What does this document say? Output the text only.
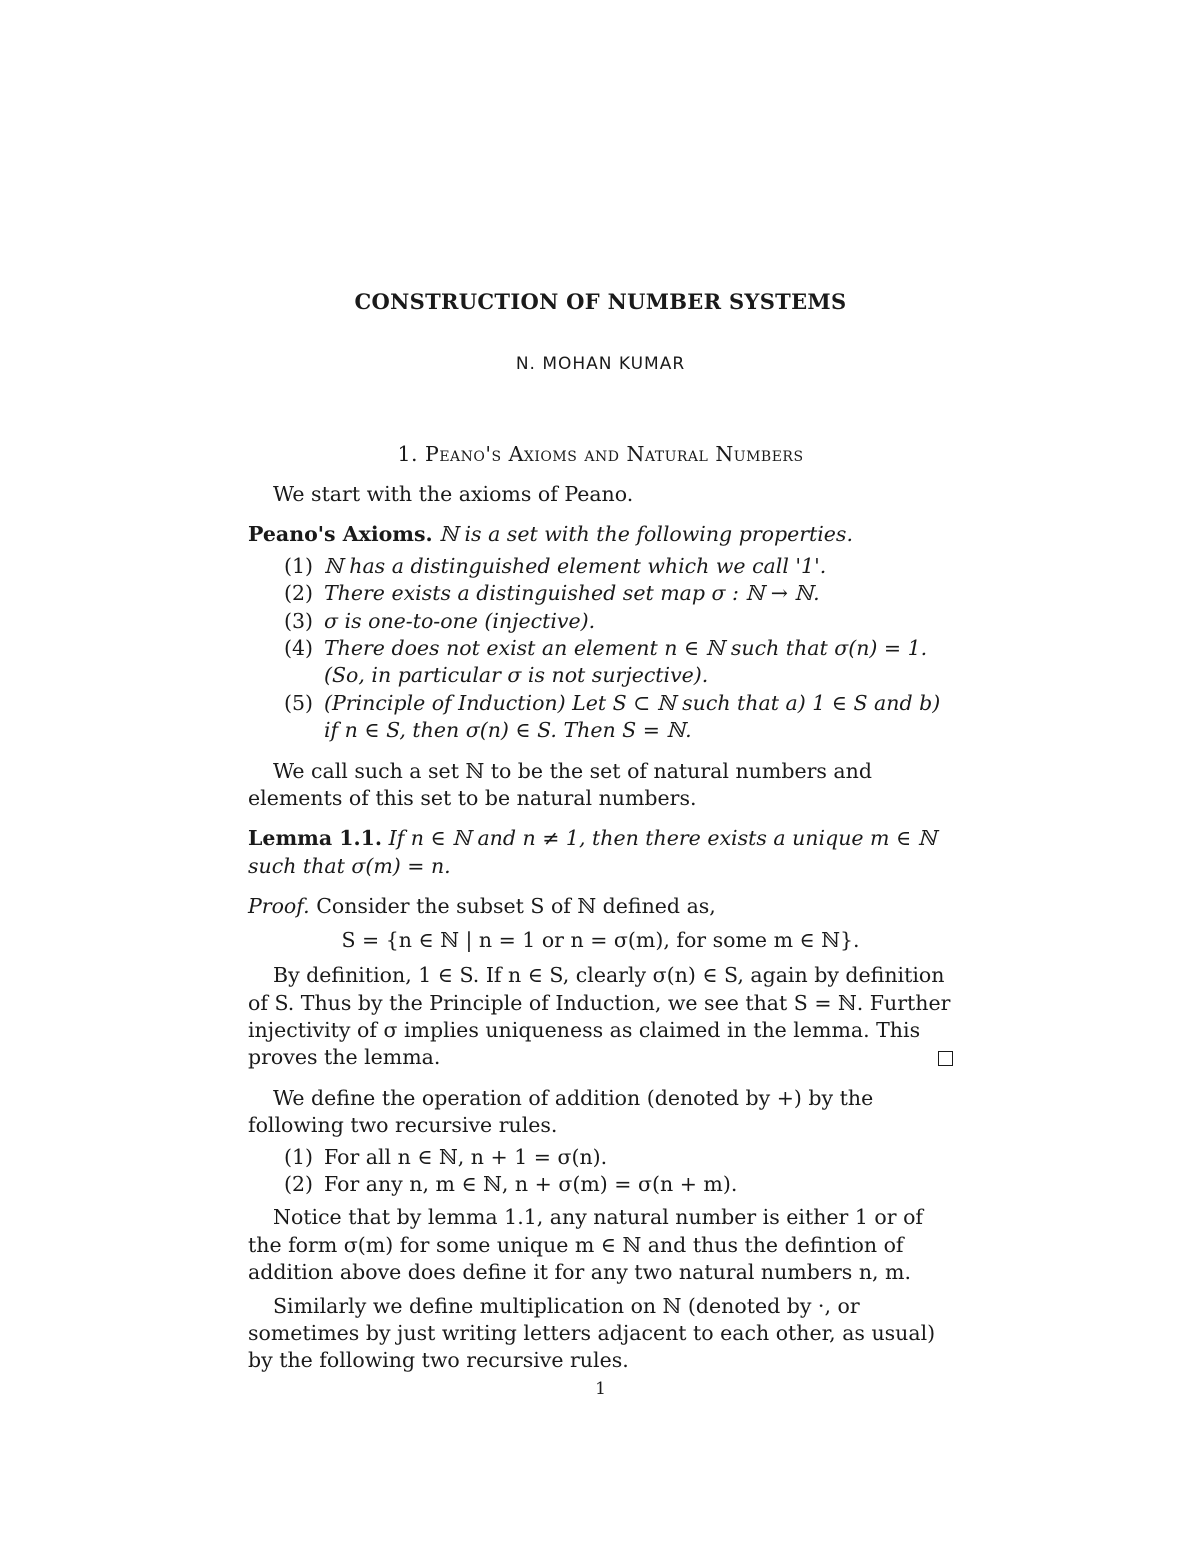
CONSTRUCTION OF NUMBER SYSTEMS
N. MOHAN KUMAR
1. Peano's Axioms and Natural Numbers

We start with the axioms of Peano.

Peano's Axioms. ℕ is a set with the following properties.

(1) ℕ has a distinguished element which we call '1'.
(2) There exists a distinguished set map σ : ℕ → ℕ.
(3) σ is one-to-one (injective).
(4) There does not exist an element n ∈ ℕ such that σ(n) = 1. (So, in particular σ is not surjective).
(5) (Principle of Induction) Let S ⊂ ℕ such that a) 1 ∈ S and b) if n ∈ S, then σ(n) ∈ S. Then S = ℕ.

We call such a set ℕ to be the set of natural numbers and elements of this set to be natural numbers.

Lemma 1.1. If n ∈ ℕ and n ≠ 1, then there exists a unique m ∈ ℕ such that σ(m) = n.

Proof. Consider the subset S of ℕ defined as,

S = {n ∈ ℕ | n = 1 or n = σ(m), for some m ∈ ℕ}.

By definition, 1 ∈ S. If n ∈ S, clearly σ(n) ∈ S, again by definition of S. Thus by the Principle of Induction, we see that S = ℕ. Further injectivity of σ implies uniqueness as claimed in the lemma. This proves the lemma.

We define the operation of addition (denoted by +) by the following two recursive rules.

(1) For all n ∈ ℕ, n + 1 = σ(n).
(2) For any n, m ∈ ℕ, n + σ(m) = σ(n + m).

Notice that by lemma 1.1, any natural number is either 1 or of the form σ(m) for some unique m ∈ ℕ and thus the defintion of addition above does define it for any two natural numbers n, m.

Similarly we define multiplication on ℕ (denoted by ·, or sometimes by just writing letters adjacent to each other, as usual) by the following two recursive rules.

1
